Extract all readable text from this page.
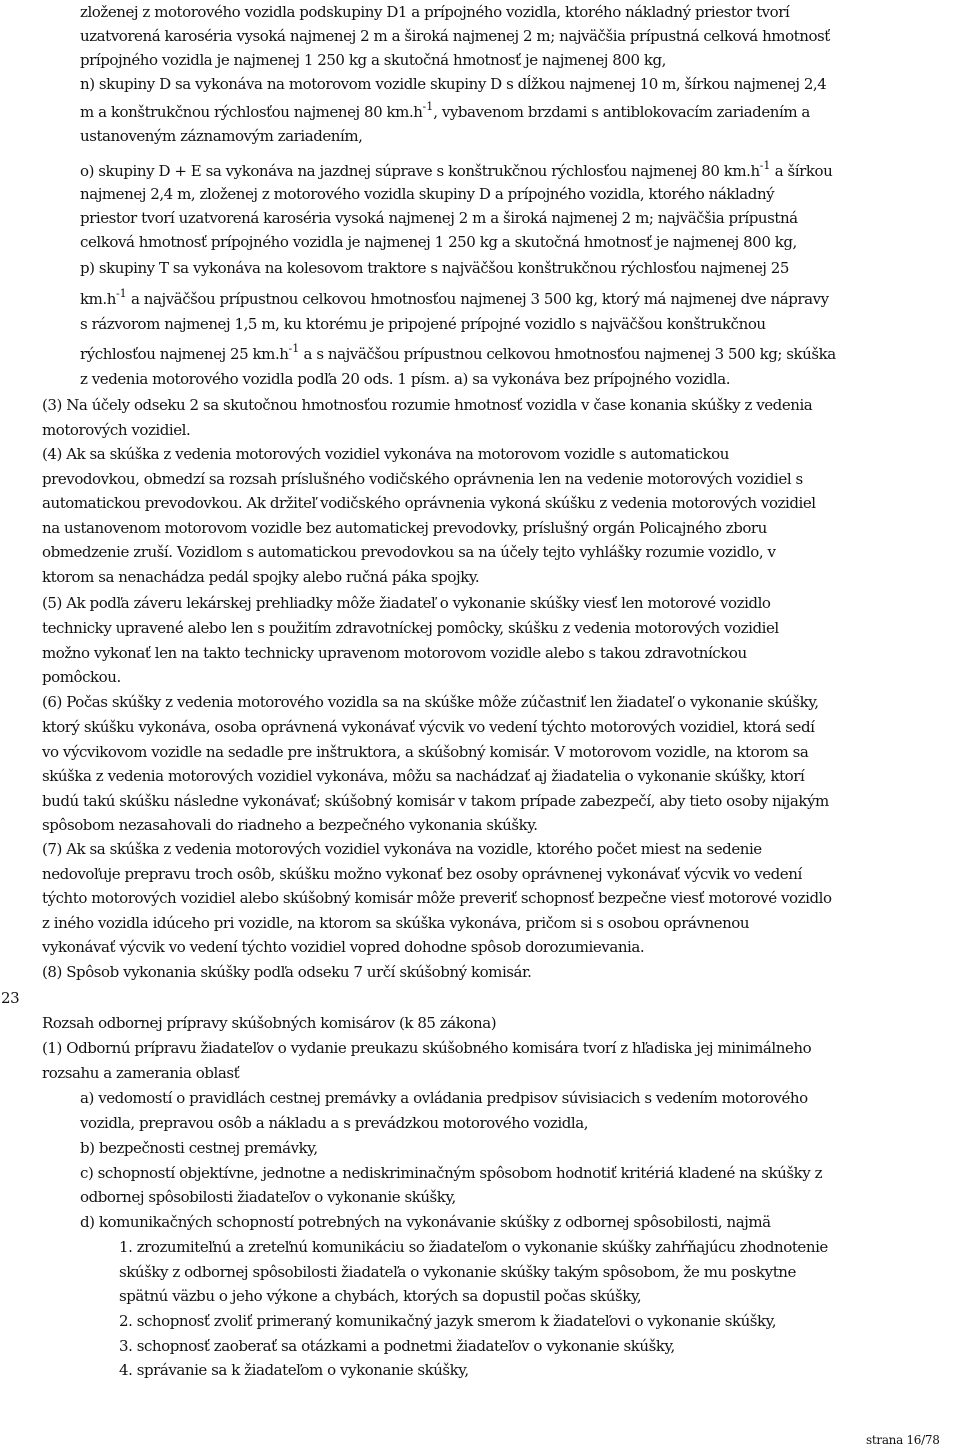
zloženej z motorového vozidla podskupiny D1 a prípojného vozidla, ktorého nákladný priestor tvorí
uzatvorená karoséria vysoká najmenej 2 m a široká najmenej 2 m; najväčšia prípustná celková hmotnosť
prípojného vozidla je najmenej 1 250 kg a skutočná hmotnosť je najmenej 800 kg,
n) skupiny D sa vykonáva na motorovom vozidle skupiny D s dĺžkou najmenej 10 m, šírkou najmenej 2,4
m a konštrukčnou rýchlosťou najmenej 80 $km.h^{-1}$, vybavenom brzdami s antiblokovacím zariadením a
ustanoveným záznamovým zariadením,
o) skupiny D + E sa vykonáva na jazdnej súprave s konštrukčnou rýchlosťou najmenej 80 $km.h^{-1}$ a šírkou
najmenej 2,4 m, zloženej z motorového vozidla skupiny D a prípojného vozidla, ktorého nákladný
priestor tvorí uzatvorená karoséria vysoká najmenej 2 m a široká najmenej 2 m; najväčšia prípustná
celková hmotnosť prípojného vozidla je najmenej 1 250 kg a skutočná hmotnosť je najmenej 800 kg,
p) skupiny T sa vykonáva na kolesovom traktore s najväčšou konštrukčnou rýchlosťou najmenej 25
$km.h^{-1}$ a najväčšou prípustnou celkovou hmotnosťou najmenej 3 500 kg, ktorý má najmenej dve nápravy
s rázvorom najmenej 1,5 m, ku ktorému je pripojené prípojné vozidlo s najväčšou konštrukčnou
rýchlosťou najmenej 25 $km.h^{-1}$ a s najväčšou prípustnou celkovou hmotnosťou najmenej 3 500 kg; skúška
z vedenia motorového vozidla podľa 20 ods. 1 písm. a) sa vykonáva bez prípojného vozidla.
(3) Na účely odseku 2 sa skutočnou hmotnosťou rozumie hmotnosť vozidla v čase konania skúšky z vedenia
motorových vozidiel.
(4) Ak sa skúška z vedenia motorových vozidiel vykonáva na motorovom vozidle s automatickou
prevodovkou, obmedzí sa rozsah príslušného vodičského oprávnenia len na vedenie motorových vozidiel s
automatickou prevodovkou. Ak držiteľ vodičského oprávnenia vykoná skúšku z vedenia motorových vozidiel
na ustanovenom motorovom vozidle bez automatickej prevodovky, príslušný orgán Policajného zboru
obmedzenie zruší. Vozidlom s automatickou prevodovkou sa na účely tejto vyhlášky rozumie vozidlo, v
ktorom sa nenachádza pedál spojky alebo ručná páka spojky.
(5) Ak podľa záveru lekárskej prehliadky môže žiadateľ o vykonanie skúšky viesť len motorové vozidlo
technicky upravené alebo len s použitím zdravotníckej pomôcky, skúšku z vedenia motorových vozidiel
možno vykonať len na takto technicky upravenom motorovom vozidle alebo s takou zdravotníckou
pomôckou.
(6) Počas skúšky z vedenia motorového vozidla sa na skúške môže zúčastniť len žiadateľ o vykonanie skúšky,
ktorý skúšku vykonáva, osoba oprávnená vykonávať výcvik vo vedení týchto motorových vozidiel, ktorá sedí
vo výcvikovom vozidle na sedadle pre inštruktora, a skúšobný komisár. V motorovom vozidle, na ktorom sa
skúška z vedenia motorových vozidiel vykonáva, môžu sa nachádzať aj žiadatelia o vykonanie skúšky, ktorí
budú takú skúšku následne vykonávať; skúšobný komisár v takom prípade zabezpečí, aby tieto osoby nijakým
spôsobom nezasahovali do riadneho a bezpečného vykonania skúšky.
(7) Ak sa skúška z vedenia motorových vozidiel vykonáva na vozidle, ktorého počet miest na sedenie
nedovoľuje prepravu troch osôb, skúšku možno vykonať bez osoby oprávnenej vykonávať výcvik vo vedení
týchto motorových vozidiel alebo skúšobný komisár môže preveriť schopnosť bezpečne viesť motorové vozidlo
z iného vozidla idúceho pri vozidle, na ktorom sa skúška vykonáva, pričom si s osobou oprávnenou
vykonávať výcvik vo vedení týchto vozidiel vopred dohodne spôsob dorozumievania.
(8) Spôsob vykonania skúšky podľa odseku 7 určí skúšobný komisár.
23
Rozsah odbornej prípravy skúšobných komisárov (k 85 zákona)
(1) Odbornú prípravu žiadateľov o vydanie preukazu skúšobného komisára tvorí z hľadiska jej minimálneho
rozsahu a zamerania oblasť
a) vedomostí o pravidlách cestnej premávky a ovládania predpisov súvisiacich s vedením motorového
vozidla, prepravou osôb a nákladu a s prevádzkou motorového vozidla,
b) bezpečnosti cestnej premávky,
c) schopností objektívne, jednotne a nediskriminačným spôsobom hodnotiť kritériá kladené na skúšky z
odbornej spôsobilosti žiadateľov o vykonanie skúšky,
d) komunikačných schopností potrebných na vykonávanie skúšky z odbornej spôsobilosti, najmä
1. zrozumiteľnú a zreteľnú komunikáciu so žiadateľom o vykonanie skúšky zahŕňajúcu zhodnotenie
skúšky z odbornej spôsobilosti žiadateľa o vykonanie skúšky takým spôsobom, že mu poskytne
spätnú väzbu o jeho výkone a chybách, ktorých sa dopustil počas skúšky,
2. schopnosť zvoliť primeraný komunikačný jazyk smerom k žiadateľovi o vykonanie skúšky,
3. schopnosť zaoberať sa otázkami a podnetmi žiadateľov o vykonanie skúšky,
4. správanie sa k žiadateľom o vykonanie skúšky,
strana 16/78
